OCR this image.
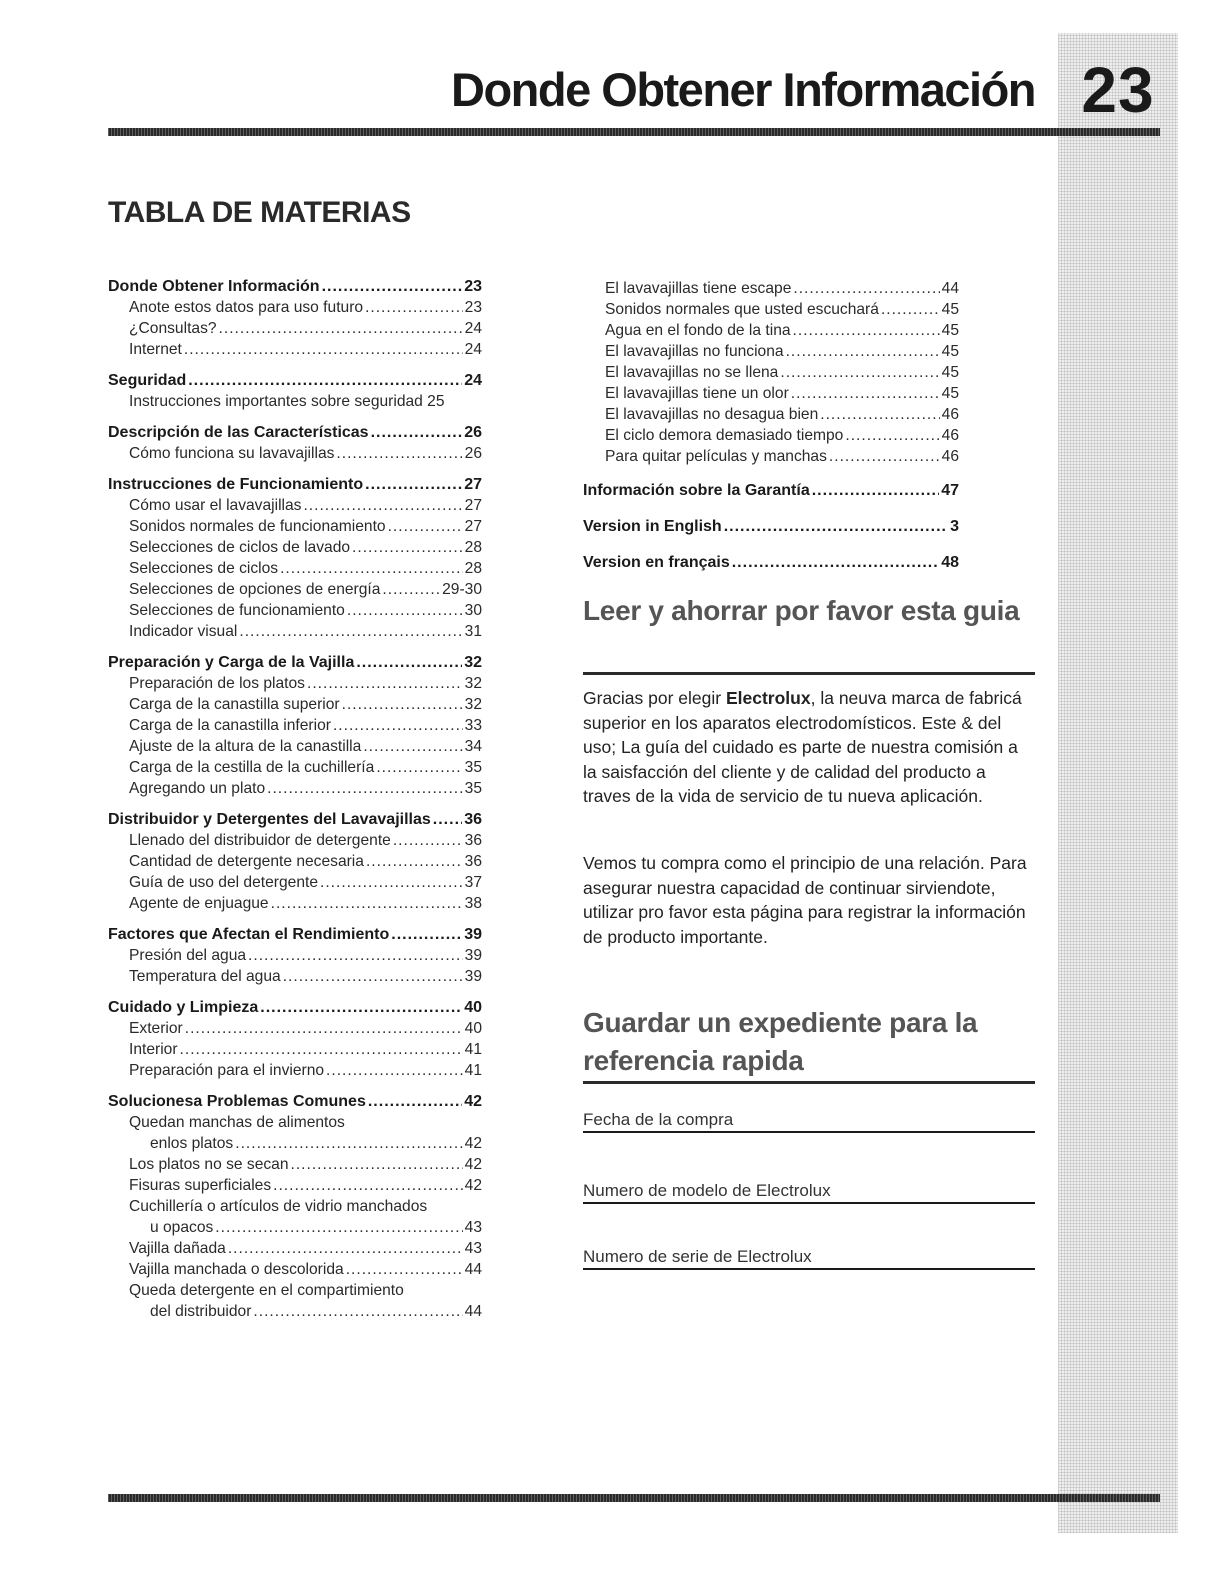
23
Donde Obtener Información
TABLA DE MATERIAS
Donde Obtener Información .....	23
Anote estos datos para uso futuro .....	23
¿Consultas? .....	24
Internet .....	24
Seguridad .....	24
Instrucciones importantes sobre seguridad 25
Descripción de las Características .....	26
Cómo funciona su lavavajillas .....	26
Instrucciones de Funcionamiento .....	27
Cómo usar el lavavajillas .....	27
Sonidos normales de funcionamiento .....	27
Selecciones de ciclos de lavado .....	28
Selecciones de ciclos .....	28
Selecciones de opciones de energía .....	29-30
Selecciones de funcionamiento .....	30
Indicador visual .....	31
Preparación y Carga de la Vajilla .....	32
Preparación de los platos .....	32
Carga de la canastilla superior .....	32
Carga de la canastilla inferior .....	33
Ajuste de la altura de la canastilla .....	34
Carga de la cestilla de la cuchillería .....	35
Agregando un plato .....	35
Distribuidor y Detergentes del Lavavajillas ..... 36
Llenado del distribuidor de detergente .....	36
Cantidad de detergente necesaria .....	36
Guía de uso del detergente .....	37
Agente de enjuague .....	38
Factores que Afectan el Rendimiento .....	39
Presión del agua .....	39
Temperatura del agua .....	39
Cuidado y Limpieza .....	40
Exterior .....	40
Interior .....	41
Preparación para el invierno .....	41
Solucionesa Problemas Comunes .....	42
Quedan manchas de alimentos
enlos platos .....	42
Los platos no se secan .....	42
Fisuras superficiales .....	42
Cuchillería o artículos de vidrio manchados
u opacos .....	43
Vajilla dañada .....	43
Vajilla manchada o descolorida .....	44
Queda detergente en el compartimiento
del distribuidor .....	44
El lavavajillas tiene escape .....	44
Sonidos normales que usted escuchará .....	45
Agua en el fondo de la tina .....	45
El lavavajillas no funciona .....	45
El lavavajillas no se llena .....	45
El lavavajillas tiene un olor .....	45
El lavavajillas no desagua bien .....	46
El ciclo demora demasiado tiempo .....	46
Para quitar películas y manchas .....	46
Información sobre la Garantía .....	47
Version in English .....	3
Version en français .....	48
Leer y ahorrar por favor esta guia

Gracias por elegir Electrolux, la neuva marca de fabricá superior en los aparatos electrodomísticos. Este & del uso; La guía del cuidado es parte de nuestra comisión a la saisfacción del cliente y de calidad del producto a traves de la vida de servicio de tu nueva aplicación.

Vemos tu compra como el principio de una relación. Para asegurar nuestra capacidad de continuar sirviendote, utilizar pro favor esta página para registrar la información de producto importante.

Guardar un expediente para la referencia rapida
Fecha de la compra
Numero de modelo de Electrolux
Numero de serie de Electrolux
